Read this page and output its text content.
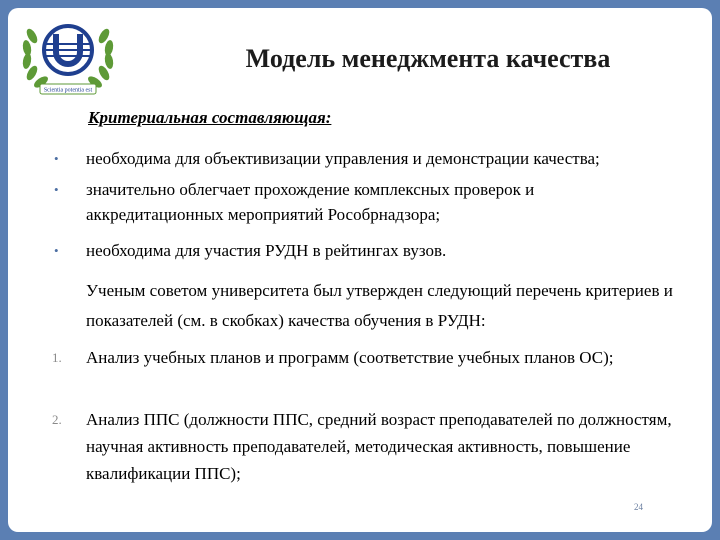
Scientia potentia est
Модель менеджмента качества
Критериальная составляющая:
• необходима для объективизации управления и демонстрации качества;
• значительно облегчает прохождение комплексных проверок и аккредитационных мероприятий Рособрнадзора;
• необходима для участия РУДН в рейтингах вузов.
Ученым советом университета был утвержден следующий перечень критериев и показателей (см. в скобках) качества обучения в РУДН:
1. Анализ учебных планов и программ (соответствие учебных планов ОС);
2. Анализ ППС (должности ППС, средний возраст преподавателей по должностям, научная активность преподавателей, методическая активность, повышение квалификации ППС);
24
